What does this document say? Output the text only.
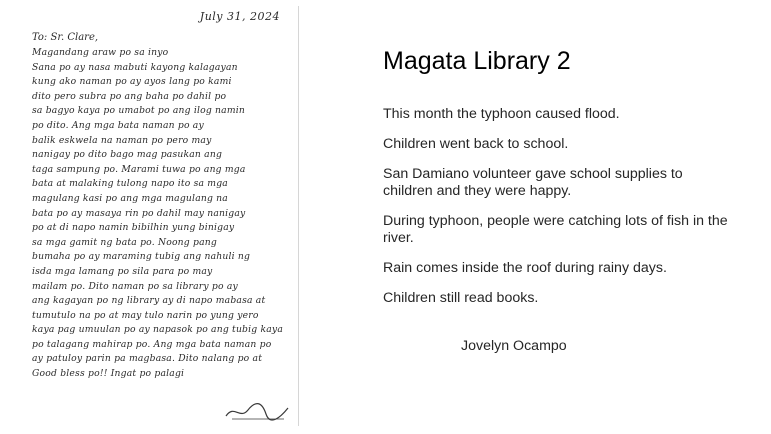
July 31, 2024
To: Sr. Clare,
Magandang araw po sa inyo
Sana po ay nasa mabuti kayong kalagayan
kung ako naman po ay ayos lang po kami
dito pero subra po ang baha po dahil po
sa bagyo kaya po umabot po ang ilog namin
po dito. Ang mga bata naman po ay
balik eskwela na naman po pero may
nanigay po dito bago mag pasukan ang
taga sampung po. Marami tuwa po ang mga
bata at malaking tulong napo ito sa mga
magulang kasi po ang mga magulang na
bata po ay masaya rin po dahil may nanigay
po at di napo namin bibilhin yung binigay
sa mga gamit ng bata po. Noong pang
bumaha po ay maraming tubig ang nahuli ng
isda mga lamang po sila para po may
mailam po. Dito naman po sa library po ay
ang kagayan po ng library ay di napo mabasa at
tumutulo na po at may tulo narin po yung yero
kaya pag umuulan po ay napasok po ang tubig kaya
po talagang mahirap po. Ang mga bata naman po
ay patuloy parin pa magbasa. Dito nalang po at
Good bless po!! Ingat po palagi
Magata Library 2

This month the typhoon caused flood.

Children went back to school.

San Damiano volunteer gave school supplies to children and they were happy.

During typhoon, people were catching lots of fish in the river.

Rain comes inside the roof during rainy days.

Children still read books.

Jovelyn Ocampo
